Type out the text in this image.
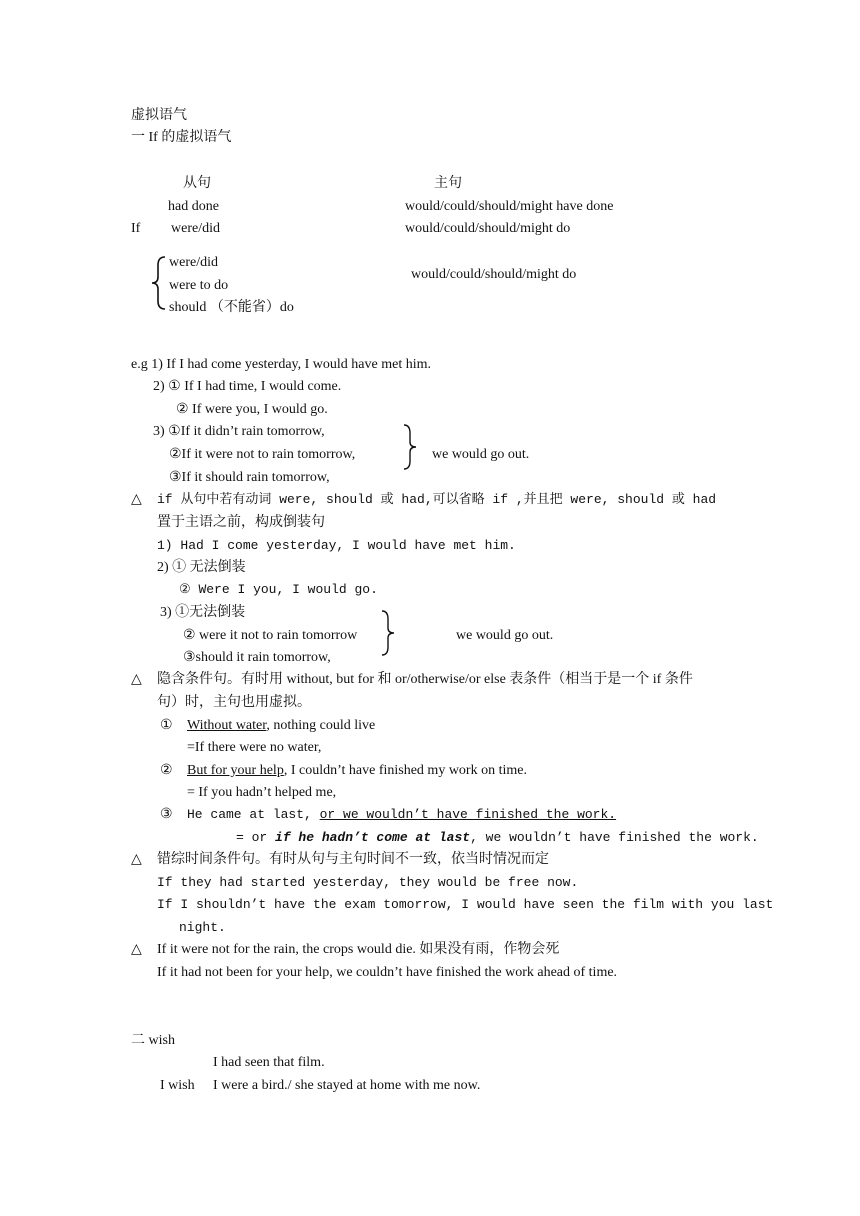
虚拟语气
一 If 的虚拟语气
从句	主句
had done	would/could/should/might have done
If were/did	would/could/should/might do
were/did
were to do
should （不能省）do
would/could/should/might do
e.g 1) If I had come yesterday, I would have met him.
2) ① If I had time, I would come.
② If were you, I would go.
3) ①If it didn’t rain tomorrow,
②If it were not to rain tomorrow,
③If it should rain tomorrow,
we would go out.
△ if 从句中若有动词 were, should 或 had,可以省略 if ,并且把 were, should 或 had
置于主语之前，构成倒装句
1) Had I come yesterday, I would have met him.
2) ① 无法倒装
② Were I you, I would go.
3) ①无法倒装
② were it not to rain tomorrow
③should it rain tomorrow,
we would go out.
△ 隐含条件句。有时用 without, but for 和 or/otherwise/or else 表条件（相当于是一个 if 条件
句）时，主句也用虚拟。
① Without water, nothing could live
=If there were no water,
② But for your help, I couldn’t have finished my work on time.
= If you hadn’t helped me,
③ He came at last, or we wouldn’t have finished the work.
= or if he hadn’t come at last, we wouldn’t have finished the work.
△ 错综时间条件句。有时从句与主句时间不一致，依当时情况而定
If they had started yesterday, they would be free now.
If I shouldn’t have the exam tomorrow, I would have seen the film with you last
night.
△ If it were not for the rain, the crops would die. 如果没有雨，作物会死
If it had not been for your help, we couldn’t have finished the work ahead of time.
二 wish
I had seen that film.
I wish I were a bird./ she stayed at home with me now.
